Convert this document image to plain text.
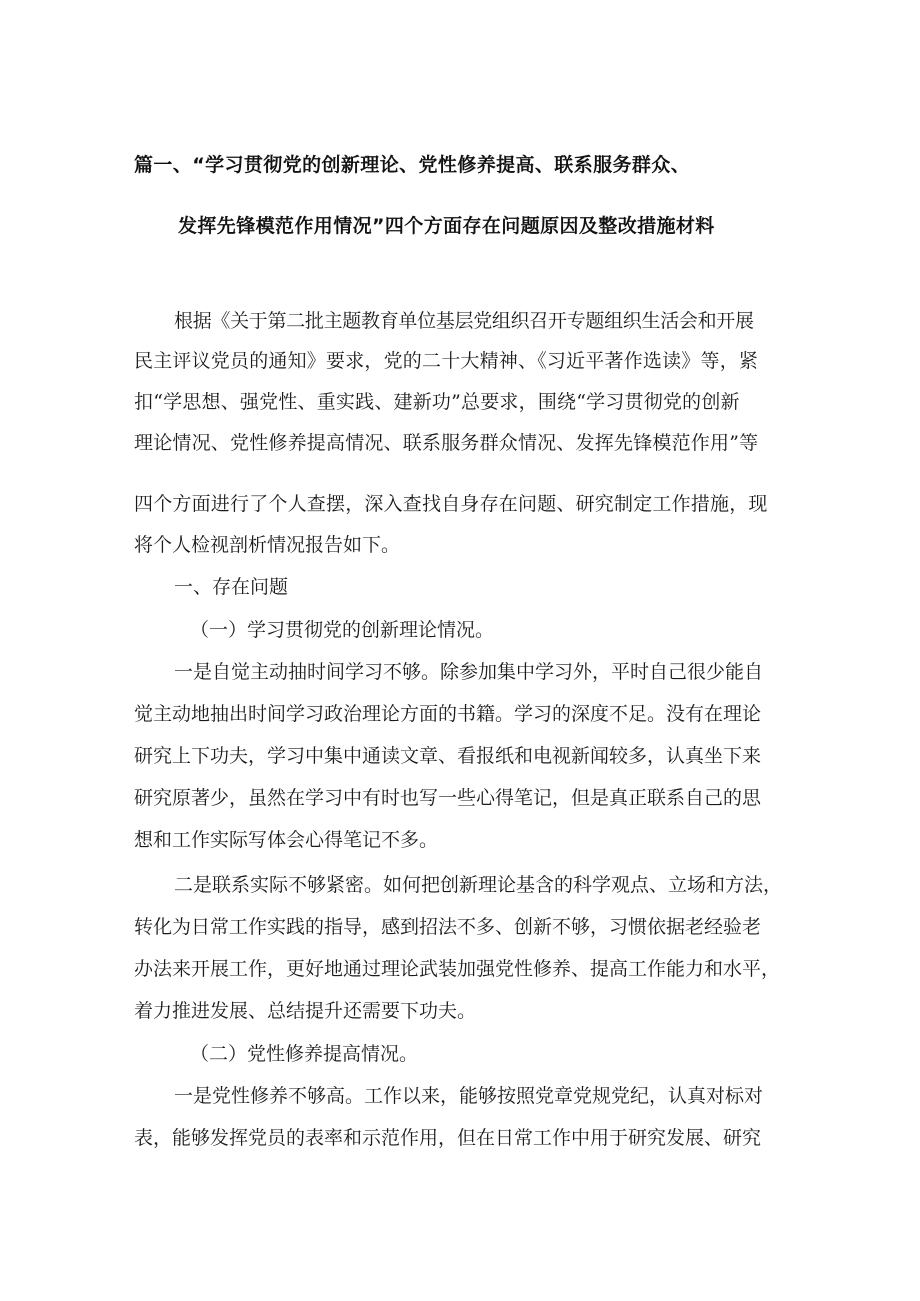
篇一、“学习贯彻党的创新理论、党性修养提高、联系服务群众、
发挥先锋模范作用情况”四个方面存在问题原因及整改措施材料
根据《关于第二批主题教育单位基层党组织召开专题组织生活会和开展
民主评议党员的通知》要求，党的二十大精神、《习近平著作选读》等，紧
扣“学思想、强党性、重实践、建新功”总要求，围绕“学习贯彻党的创新
理论情况、党性修养提高情况、联系服务群众情况、发挥先锋模范作用”等
四个方面进行了个人查摆，深入查找自身存在问题、研究制定工作措施，现
将个人检视剖析情况报告如下。
一、存在问题
（一）学习贯彻党的创新理论情况。
一是自觉主动抽时间学习不够。除参加集中学习外，平时自己很少能自
觉主动地抽出时间学习政治理论方面的书籍。学习的深度不足。没有在理论
研究上下功夫，学习中集中通读文章、看报纸和电视新闻较多，认真坐下来
研究原著少，虽然在学习中有时也写一些心得笔记，但是真正联系自己的思
想和工作实际写体会心得笔记不多。
二是联系实际不够紧密。如何把创新理论基含的科学观点、立场和方法，
转化为日常工作实践的指导，感到招法不多、创新不够，习惯依据老经验老
办法来开展工作，更好地通过理论武装加强党性修养、提高工作能力和水平，
着力推进发展、总结提升还需要下功夫。
（二）党性修养提高情况。
一是党性修养不够高。工作以来，能够按照党章党规党纪，认真对标对
表，能够发挥党员的表率和示范作用，但在日常工作中用于研究发展、研究
